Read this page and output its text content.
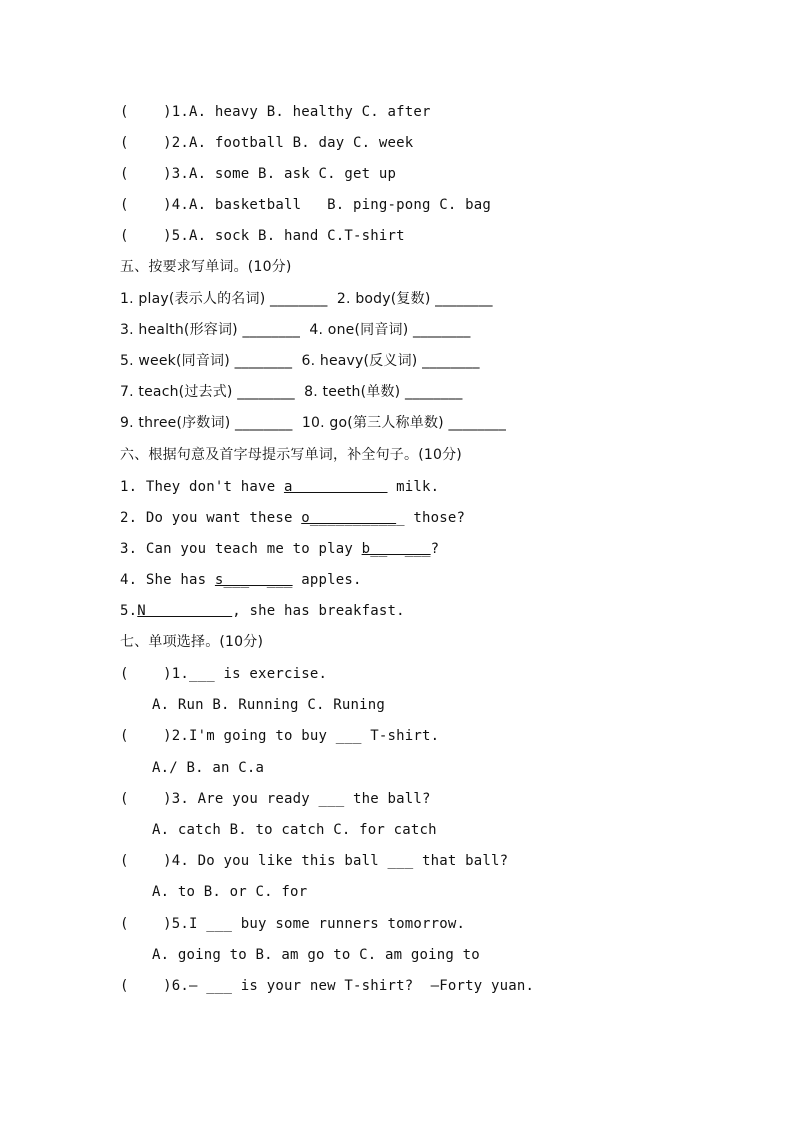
(    )1.A. heavy B. healthy C. after
(    )2.A. football B. day C. week
(    )3.A. some B. ask C. get up
(    )4.A. basketball   B. ping-pong C. bag
(    )5.A. sock B. hand C.T-shirt
五、按要求写单词。(10分)
1. play(表示人的名词) ________  2. body(复数) ________
3. health(形容词) ________  4. one(同音词) ________
5. week(同音词) ________  6. heavy(反义词) ________
7. teach(过去式) ________  8. teeth(单数) ________
9. three(序数词) ________  10. go(第三人称单数) ________
六、根据句意及首字母提示写单词，补全句子。(10分)
1. They don't have a            milk.
2. Do you want these o___________ those?
3. Can you teach me to play b__  ___?
4. She has s___  ___ apples.
5.N          , she has breakfast.
七、单项选择。(10分)
(    )1.___ is exercise.
A. Run B. Running C. Runing
(    )2.I'm going to buy ___ T-shirt.
A./ B. an C.a
(    )3. Are you ready ___ the ball?
A. catch B. to catch C. for catch
(    )4. Do you like this ball ___ that ball?
A. to B. or C. for
(    )5.I ___ buy some runners tomorrow.
A. going to B. am go to C. am going to
(    )6.— ___ is your new T-shirt?  —Forty yuan.
